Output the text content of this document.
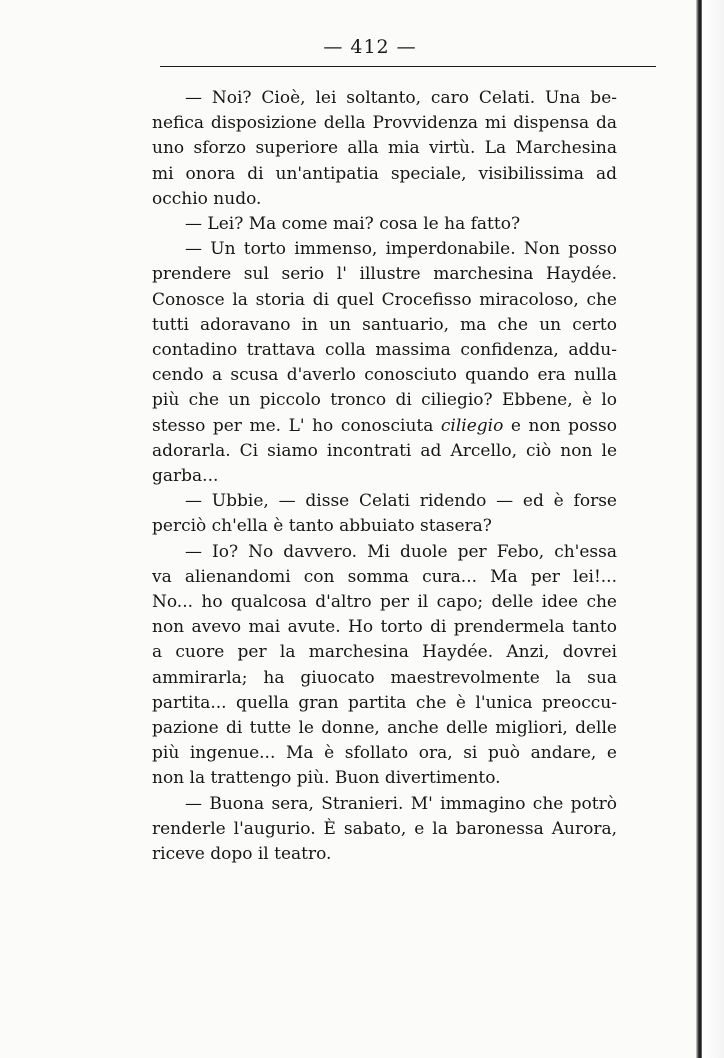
— 412 —
— Noi? Cioè, lei soltanto, caro Celati. Una be-
nefica disposizione della Provvidenza mi dispensa da
uno sforzo superiore alla mia virtù. La Marchesina
mi onora di un'antipatia speciale, visibilissima ad
occhio nudo.
— Lei? Ma come mai? cosa le ha fatto?
— Un torto immenso, imperdonabile. Non posso
prendere sul serio l' illustre marchesina Haydée.
Conosce la storia di quel Crocefisso miracoloso, che
tutti adoravano in un santuario, ma che un certo
contadino trattava colla massima confidenza, addu-
cendo a scusa d'averlo conosciuto quando era nulla
più che un piccolo tronco di ciliegio? Ebbene, è lo
stesso per me. L' ho conosciuta ciliegio e non posso
adorarla. Ci siamo incontrati ad Arcello, ciò non le
garba...
— Ubbie, — disse Celati ridendo — ed è forse
perciò ch'ella è tanto abbuiato stasera?
— Io? No davvero. Mi duole per Febo, ch'essa
va alienandomi con somma cura... Ma per lei!...
No... ho qualcosa d'altro per il capo; delle idee che
non avevo mai avute. Ho torto di prendermela tanto
a cuore per la marchesina Haydée. Anzi, dovrei
ammirarla; ha giuocato maestrevolmente la sua
partita... quella gran partita che è l'unica preoccu-
pazione di tutte le donne, anche delle migliori, delle
più ingenue... Ma è sfollato ora, si può andare, e
non la trattengo più. Buon divertimento.
— Buona sera, Stranieri. M' immagino che potrò
renderle l'augurio. È sabato, e la baronessa Aurora,
riceve dopo il teatro.
